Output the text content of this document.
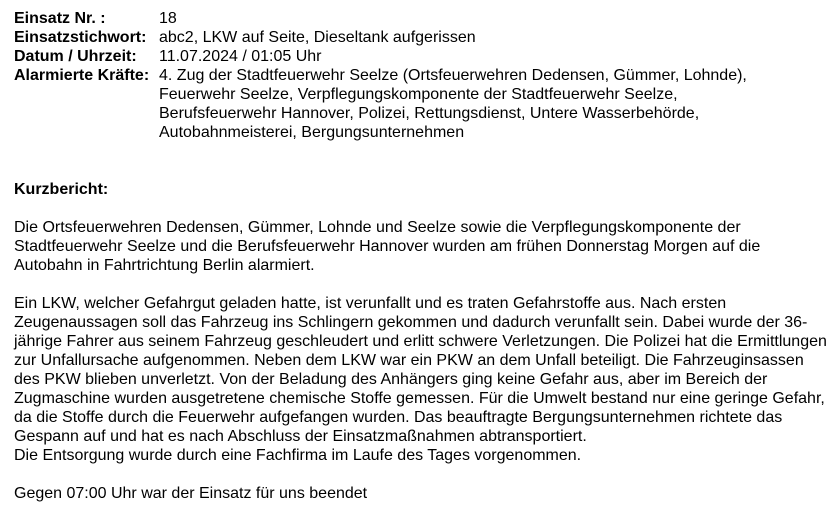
Einsatz Nr. :	18
Einsatzstichwort: abc2, LKW auf Seite, Dieseltank aufgerissen
Datum / Uhrzeit:	11.07.2024 / 01:05 Uhr
Alarmierte Kräfte: 4. Zug der Stadtfeuerwehr Seelze (Ortsfeuerwehren Dedensen, Gümmer, Lohnde),
Feuerwehr Seelze, Verpflegungskomponente der Stadtfeuerwehr Seelze,
Berufsfeuerwehr Hannover, Polizei, Rettungsdienst, Untere Wasserbehörde,
Autobahnmeisterei, Bergungsunternehmen
Kurzbericht:
Die Ortsfeuerwehren Dedensen, Gümmer, Lohnde und Seelze sowie die Verpflegungskomponente der
Stadtfeuerwehr Seelze und die Berufsfeuerwehr Hannover wurden am frühen Donnerstag Morgen auf die
Autobahn in Fahrtrichtung Berlin alarmiert.
Ein LKW, welcher Gefahrgut geladen hatte, ist verunfallt und es traten Gefahrstoffe aus. Nach ersten
Zeugenaussagen soll das Fahrzeug ins Schlingern gekommen und dadurch verunfallt sein. Dabei wurde der 36-
jährige Fahrer aus seinem Fahrzeug geschleudert und erlitt schwere Verletzungen. Die Polizei hat die Ermittlungen
zur Unfallursache aufgenommen. Neben dem LKW war ein PKW an dem Unfall beteiligt. Die Fahrzeuginsassen
des PKW blieben unverletzt. Von der Beladung des Anhängers ging keine Gefahr aus, aber im Bereich der
Zugmaschine wurden ausgetretene chemische Stoffe gemessen. Für die Umwelt bestand nur eine geringe Gefahr,
da die Stoffe durch die Feuerwehr aufgefangen wurden. Das beauftragte Bergungsunternehmen richtete das
Gespann auf und hat es nach Abschluss der Einsatzmaßnahmen abtransportiert.
Die Entsorgung wurde durch eine Fachfirma im Laufe des Tages vorgenommen.
Gegen 07:00 Uhr war der Einsatz für uns beendet
